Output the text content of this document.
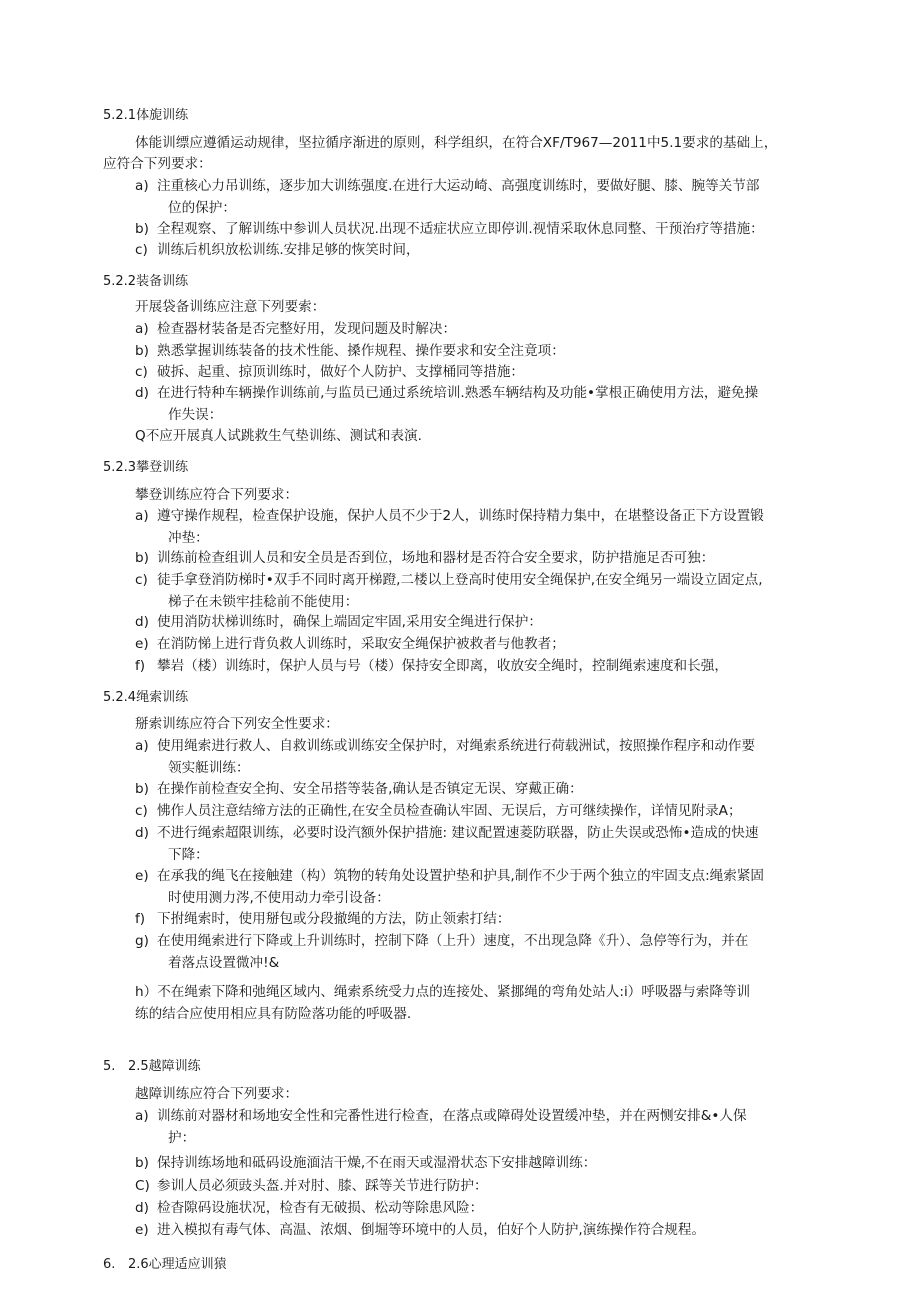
5.2.1体旎训练
体能训缥应遵循运动规律，坚拉循序渐进的原则，科学组织，在符合XF/T967—2011中5.1要求的基础上，
应符合下列要求：
a) 注重核心力吊训练，逐步加大训练强度.在进行大运动崎、高强度训练时，要做好腿、膝、腕等关节部
位的保护：
b) 全程观察、了解训练中参训人员状况.出现不适症状应立即停训.视情采取休息同整、干预治疗等措施：
c) 训练后机织放松训练.安排足够的恢笑时间，
5.2.2装备训练
开展袋备训练应注意下列要索：
a) 检查器材装备是否完整好用，发现问题及时解决：
b) 熟悉掌握训练装备的技术性能、搡作规程、操作要求和安全注竟项：
c) 破拆、起重、掠顶训练时，做好个人防护、支撑桶同等措施：
d) 在进行特种车辆操作训练前,与监员已通过系统培训.熟悉车辆结构及功能•掌根正确使用方法，避免操
作失误：
Q不应开展真人试跳救生气垫训练、测试和表演.
5.2.3攀登训练
攀登训练应符合下列要求：
a) 遵守操作规程，检查保护设施，保护人员不少于2人，训练时保持精力集中，在堪整设备正下方设置锻
冲垫：
b) 训练前检查组训人员和安全员是否到位，场地和器材是否符合安全要求，防护措施足否可独：
c) 徒手拿登消防梯时•双手不同时离开梯蹬,二楼以上登高时使用安全绳保护,在安全绳另一端设立固定点,
梯子在未锁牢挂稔前不能使用：
d) 使用消防状梯训练时，确保上端固定牢固,采用安全绳进行保护：
e) 在消防悌上进行背负救人训练时，采取安全绳保护被救者与他教者；
f) 攀岩（楼）训练时，保护人员与号（楼）保持安全即离，收放安全绳时，控制绳索速度和长强，
5.2.4绳索训练
掰索训练应符合下列安全性要求：
a) 使用绳索进行救人、自救训练或训练安全保护时，对绳索系统进行荷载洲试，按照操作程序和动作要
领实艇训练：
b) 在操作前检查安全拘、安全吊搭等装备,确认是否镇定无误、穿戴正确：
c) 怫作人员注意结缔方法的正确性,在安全员检查确认牢固、无误后，方可继续操作，详情见附录A；
d) 不进行绳索超限训练，必要时设汽额外保护措施: 建议配置速菱防联器，防止失误或恐怖•造成的快速
下降：
e) 在承我的绳飞在接触建（构）筑物的转角处设置护垫和护具,制作不少于两个独立的牢固支点:绳索紧固
时使用测力涔,不使用动力牵引设备：
f) 下拊绳索时，使用掰包或分段撤绳的方法，防止领索打结：
g) 在使用绳索进行下降或上升训练时，控制下降（上升）速度，不出现急降《升）、急停等行为，并在
着落点设置微冲!&
h）不在绳索下降和弛绳区域内、绳索系统受力点的连接处、紧挪绳的弯角处站人:i）呼吸器与索降等训
练的结合应使用相应具有防险落功能的呼吸器.
5. 2.5越障训练
越障训练应符合下列要求：
a) 训练前对器材和场地安全性和完番性进行检查，在落点或障碍处设置缓冲垫，并在两恻安排&•人保
护：
b) 保持训练场地和砥码设施湎洁干燥,不在雨天或湿滑状态下安排越障训练：
C) 参训人员必须豉头盔.并对肘、膝、踩等关节进行防护：
d) 检杳隙码设施状况，检杳有无破损、松动等除患风险：
e) 进入模拟有毒气体、高温、浓烟、倒堀等环境中的人员，伯好个人防护,演练操作符合规程。
6. 2.6心理适应训猿
